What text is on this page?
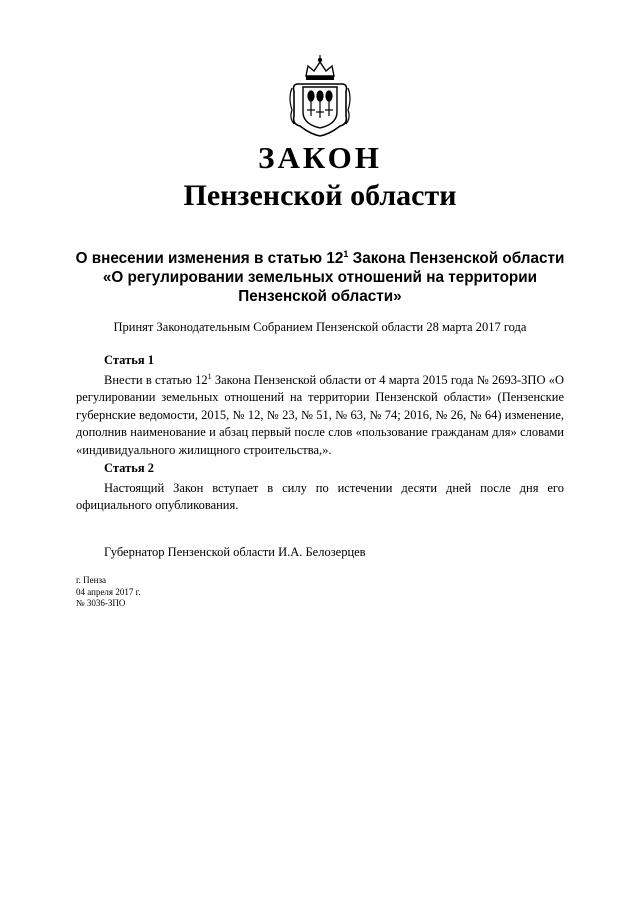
ЗАКОН
Пензенской области
О внесении изменения в статью $12^1$ Закона Пензенской области
«О регулировании земельных отношений на территории
Пензенской области»
Принят Законодательным Собранием Пензенской области 28 марта 2017 года
Статья 1
Внести в статью $12^1$ Закона Пензенской области от 4 марта 2015 года № 2693-ЗПО «О регулировании земельных отношений на территории Пензенской области» (Пензенские губернские ведомости, 2015, № 12, № 23, № 51, № 63, № 74; 2016, № 26, № 64) изменение, дополнив наименование и абзац первый после слов «пользование гражданам для» словами «индивидуального жилищного строительства,».
Статья 2
Настоящий Закон вступает в силу по истечении десяти дней после дня его официального опубликования.
Губернатор Пензенской области И.А. Белозерцев
г. Пенза
04 апреля 2017 г.
№ 3036-ЗПО
